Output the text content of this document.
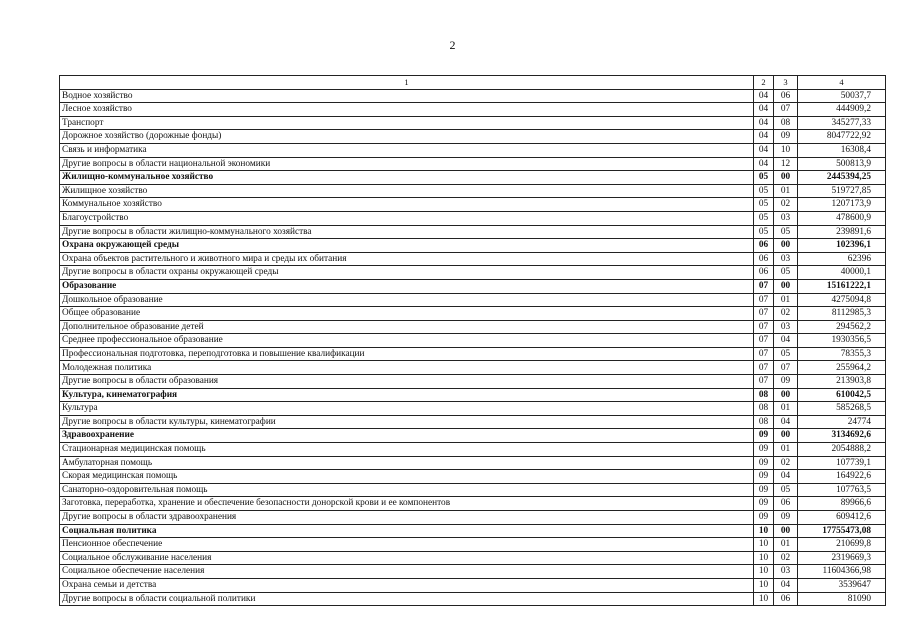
2
1	2	3	4
Водное хозяйство	04	06	50037,7
Лесное хозяйство	04	07	444909,2
Транспорт	04	08	345277,33
Дорожное хозяйство (дорожные фонды)	04	09	8047722,92
Связь и информатика	04	10	16308,4
Другие вопросы в области национальной экономики	04	12	500813,9
Жилищно-коммунальное хозяйство	05	00	2445394,25
Жилищное хозяйство	05	01	519727,85
Коммунальное хозяйство	05	02	1207173,9
Благоустройство	05	03	478600,9
Другие вопросы в области жилищно-коммунального хозяйства	05	05	239891,6
Охрана окружающей среды	06	00	102396,1
Охрана объектов растительного и животного мира и среды их обитания	06	03	62396
Другие вопросы в области охраны окружающей среды	06	05	40000,1
Образование	07	00	15161222,1
Дошкольное образование	07	01	4275094,8
Общее образование	07	02	8112985,3
Дополнительное образование детей	07	03	294562,2
Среднее профессиональное образование	07	04	1930356,5
Профессиональная подготовка, переподготовка и повышение квалификации	07	05	78355,3
Молодежная политика	07	07	255964,2
Другие вопросы в области образования	07	09	213903,8
Культура, кинематография	08	00	610042,5
Культура	08	01	585268,5
Другие вопросы в области культуры, кинематографии	08	04	24774
Здравоохранение	09	00	3134692,6
Стационарная медицинская помощь	09	01	2054888,2
Амбулаторная помощь	09	02	107739,1
Скорая медицинская помощь	09	04	164922,6
Санаторно-оздоровительная помощь	09	05	107763,5
Заготовка, переработка, хранение и обеспечение безопасности донорской крови и ее компонентов	09	06	89966,6
Другие вопросы в области здравоохранения	09	09	609412,6
Социальная политика	10	00	17755473,08
Пенсионное обеспечение	10	01	210699,8
Социальное обслуживание населения	10	02	2319669,3
Социальное обеспечение населения	10	03	11604366,98
Охрана семьи и детства	10	04	3539647
Другие вопросы в области социальной политики	10	06	81090
